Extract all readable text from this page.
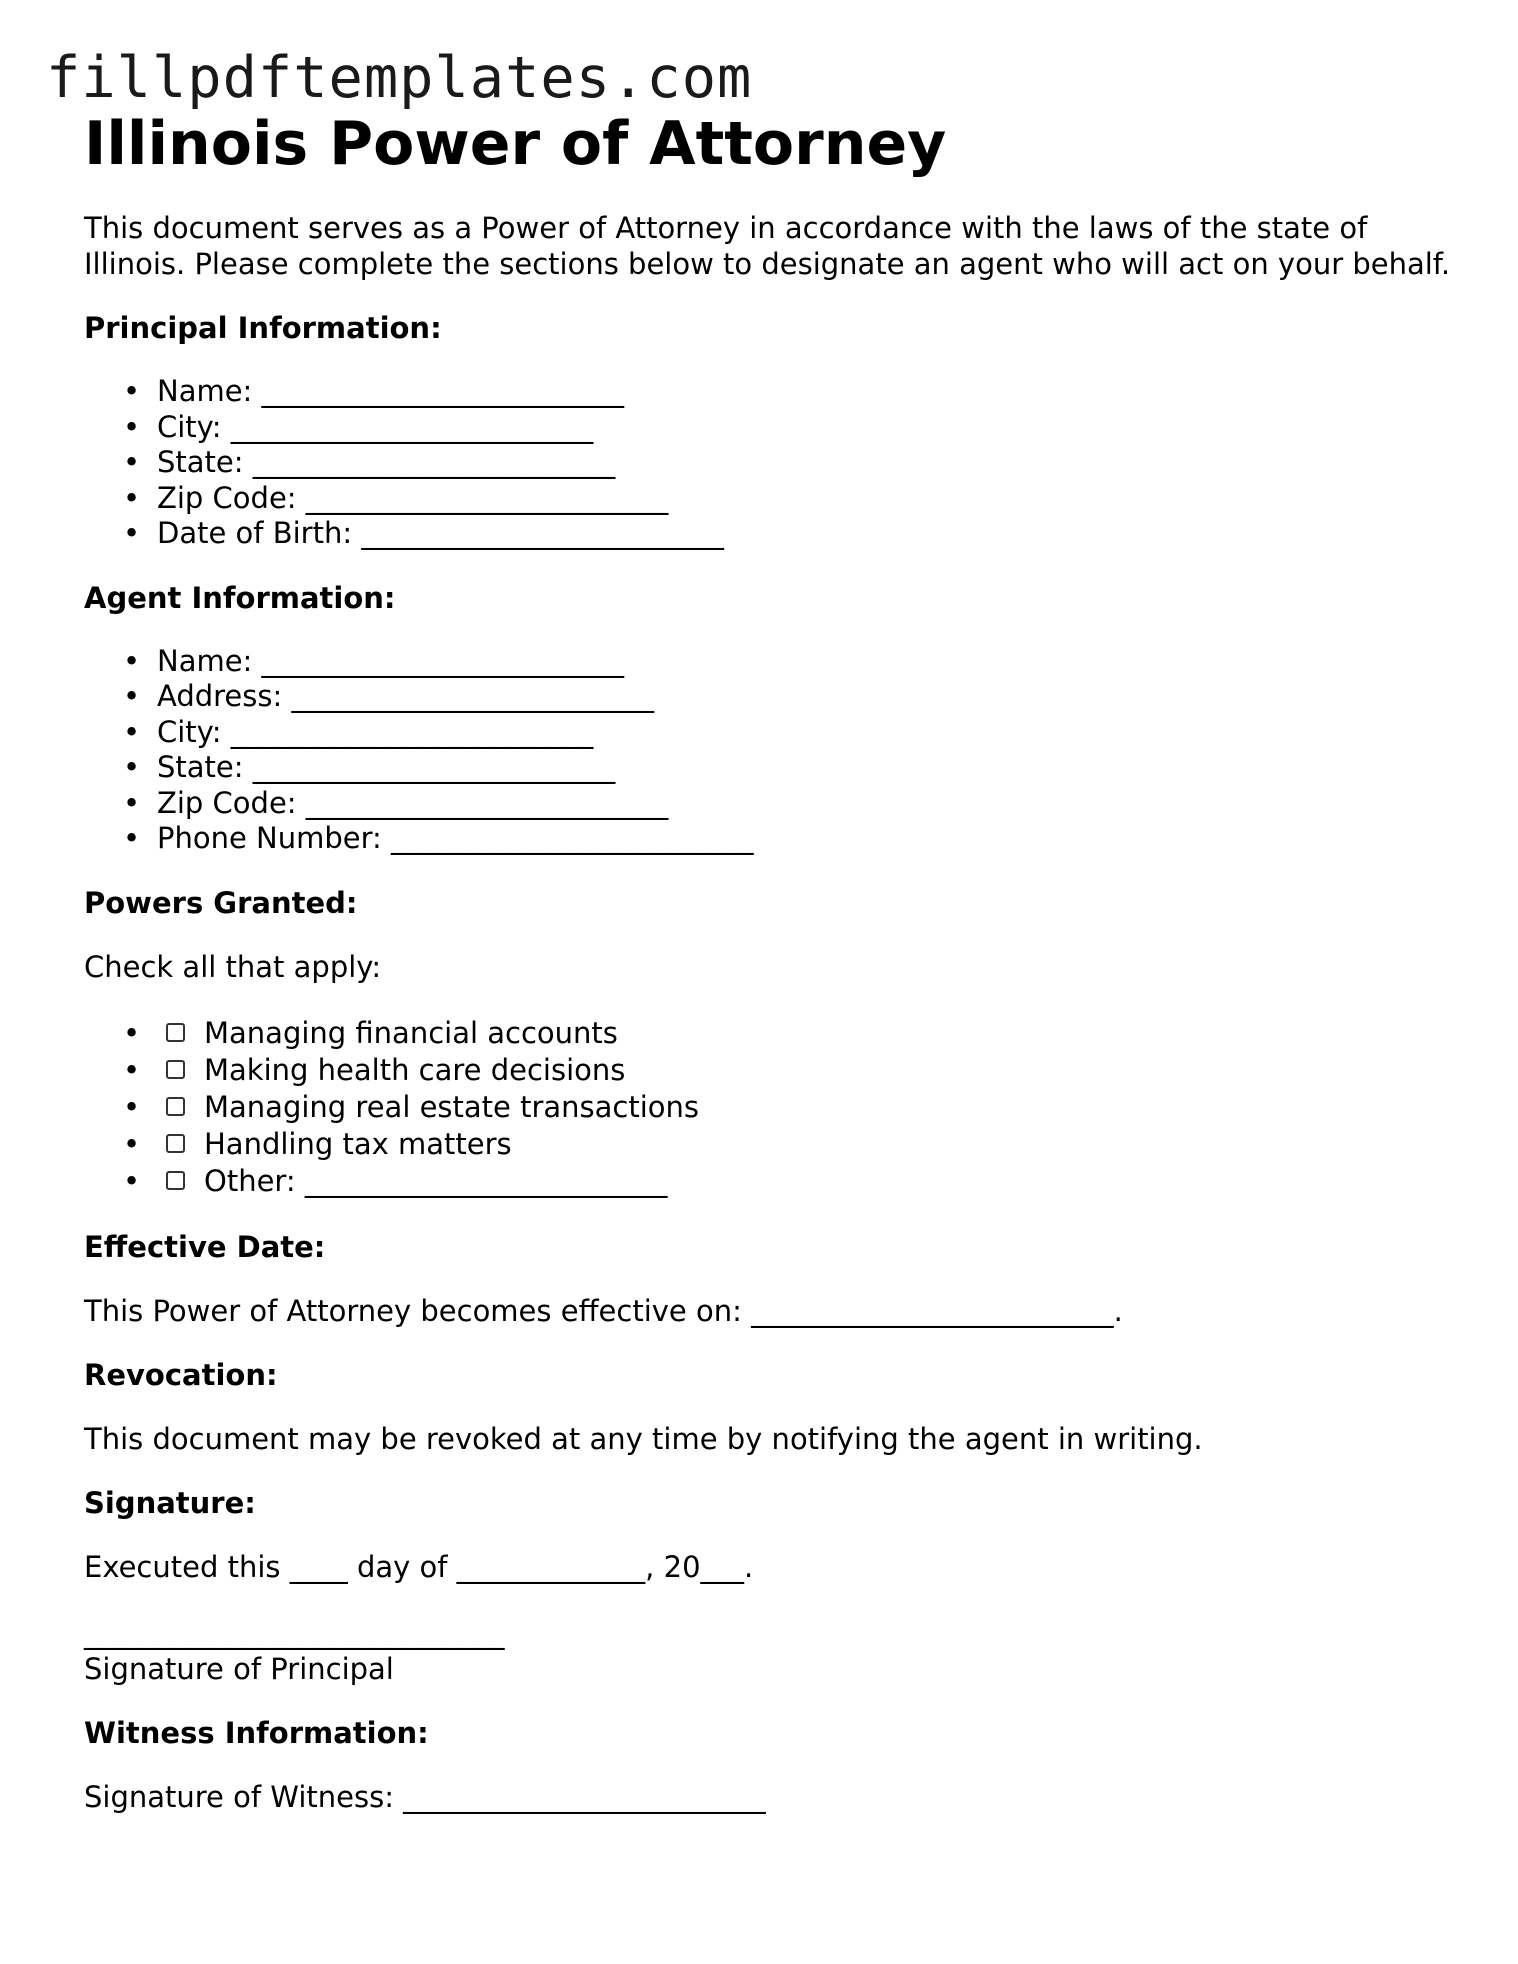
fillpdftemplates.com
Illinois Power of Attorney

This document serves as a Power of Attorney in accordance with the laws of the state of Illinois. Please complete the sections below to designate an agent who will act on your behalf.

Principal Information:
• Name: _________________________
• City: _________________________
• State: _________________________
• Zip Code: _________________________
• Date of Birth: _________________________
Agent Information:
• Name: _________________________
• Address: _________________________
• City: _________________________
• State: _________________________
• Zip Code: _________________________
• Phone Number: _________________________
Powers Granted:
Check all that apply:
• Managing financial accounts
• Making health care decisions
• Managing real estate transactions
• Handling tax matters
• Other: _________________________
Effective Date:
This Power of Attorney becomes effective on: _________________________.
Revocation:
This document may be revoked at any time by notifying the agent in writing.
Signature:
Executed this ____ day of _____________, 20___.
_____________________________
Signature of Principal
Witness Information:
Signature of Witness: _________________________
